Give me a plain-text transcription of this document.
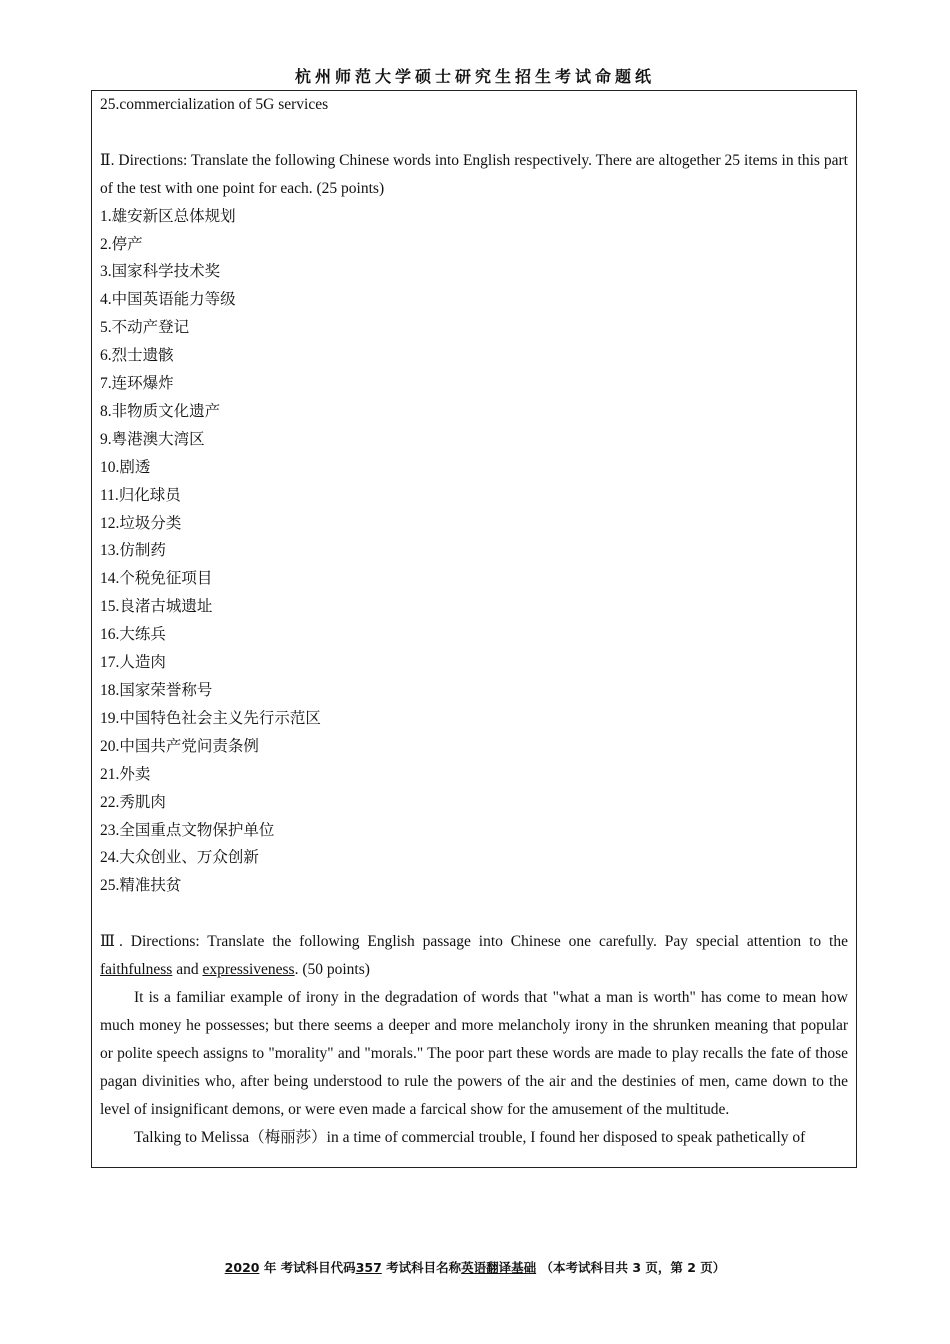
杭州师范大学硕士研究生招生考试命题纸
25.commercialization of 5G services
Ⅱ. Directions: Translate the following Chinese words into English respectively. There are altogether 25 items in this part of the test with one point for each. (25 points)
1.雄安新区总体规划
2.停产
3.国家科学技术奖
4.中国英语能力等级
5.不动产登记
6.烈士遗骸
7.连环爆炸
8.非物质文化遗产
9.粤港澳大湾区
10.剧透
11.归化球员
12.垃圾分类
13.仿制药
14.个税免征项目
15.良渚古城遗址
16.大练兵
17.人造肉
18.国家荣誉称号
19.中国特色社会主义先行示范区
20.中国共产党问责条例
21.外卖
22.秀肌肉
23.全国重点文物保护单位
24.大众创业、万众创新
25.精准扶贫
Ⅲ. Directions: Translate the following English passage into Chinese one carefully. Pay special attention to the faithfulness and expressiveness. (50 points)
It is a familiar example of irony in the degradation of words that "what a man is worth" has come to mean how much money he possesses; but there seems a deeper and more melancholy irony in the shrunken meaning that popular or polite speech assigns to "morality" and "morals." The poor part these words are made to play recalls the fate of those pagan divinities who, after being understood to rule the powers of the air and the destinies of men, came down to the level of insignificant demons, or were even made a farcical show for the amusement of the multitude.
Talking to Melissa（梅丽莎）in a time of commercial trouble, I found her disposed to speak pathetically of
2020 年 考试科目代码357 考试科目名称英语翻译基础 （本考试科目共 3 页，第 2 页）
